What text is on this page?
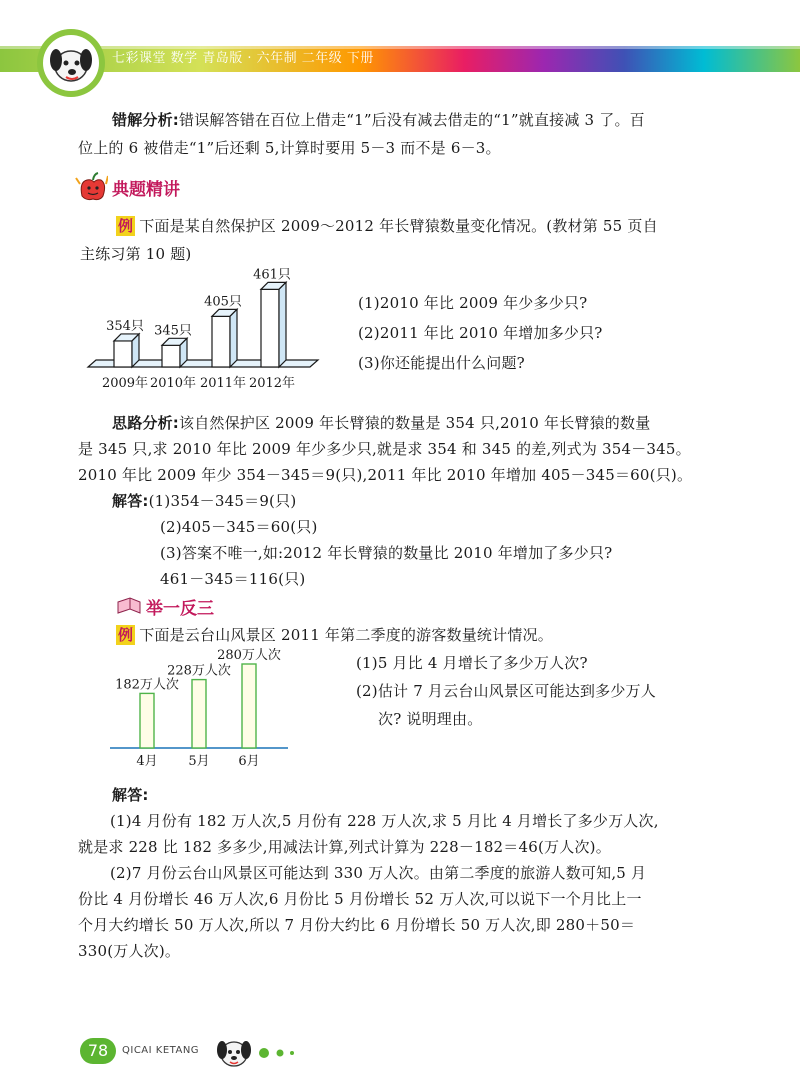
七彩课堂 数学 青岛版 · 六年制 二年级 下册
错解分析:错误解答错在百位上借走“1”后没有减去借走的“1”就直接减 3 了。百
位上的 6 被借走“1”后还剩 5,计算时要用 5－3 而不是 6－3。
典题精讲
例 下面是某自然保护区 2009～2012 年长臂猿数量变化情况。(教材第 55 页自
主练习第 10 题)
354只
2009年
345只
2010年
405只
2011年
461只
2012年
(1)2010 年比 2009 年少多少只?
(2)2011 年比 2010 年增加多少只?
(3)你还能提出什么问题?
思路分析:该自然保护区 2009 年长臂猿的数量是 354 只,2010 年长臂猿的数量
是 345 只,求 2010 年比 2009 年少多少只,就是求 354 和 345 的差,列式为 354－345。
2010 年比 2009 年少 354－345＝9(只),2011 年比 2010 年增加 405－345＝60(只)。
解答:(1)354－345＝9(只)
(2)405－345＝60(只)
(3)答案不唯一,如:2012 年长臂猿的数量比 2010 年增加了多少只?
461－345＝116(只)
举一反三
例 下面是云台山风景区 2011 年第二季度的游客数量统计情况。
182万人次
4月
228万人次
5月
280万人次
6月
(1)5 月比 4 月增长了多少万人次?
(2)估计 7 月云台山风景区可能达到多少万人
次? 说明理由。
解答:
(1)4 月份有 182 万人次,5 月份有 228 万人次,求 5 月比 4 月增长了多少万人次,
就是求 228 比 182 多多少,用减法计算,列式计算为 228－182＝46(万人次)。
(2)7 月份云台山风景区可能达到 330 万人次。由第二季度的旅游人数可知,5 月
份比 4 月份增长 46 万人次,6 月份比 5 月份增长 52 万人次,可以说下一个月比上一
个月大约增长 50 万人次,所以 7 月份大约比 6 月份增长 50 万人次,即 280＋50＝
330(万人次)。
78	QICAI KETANG
